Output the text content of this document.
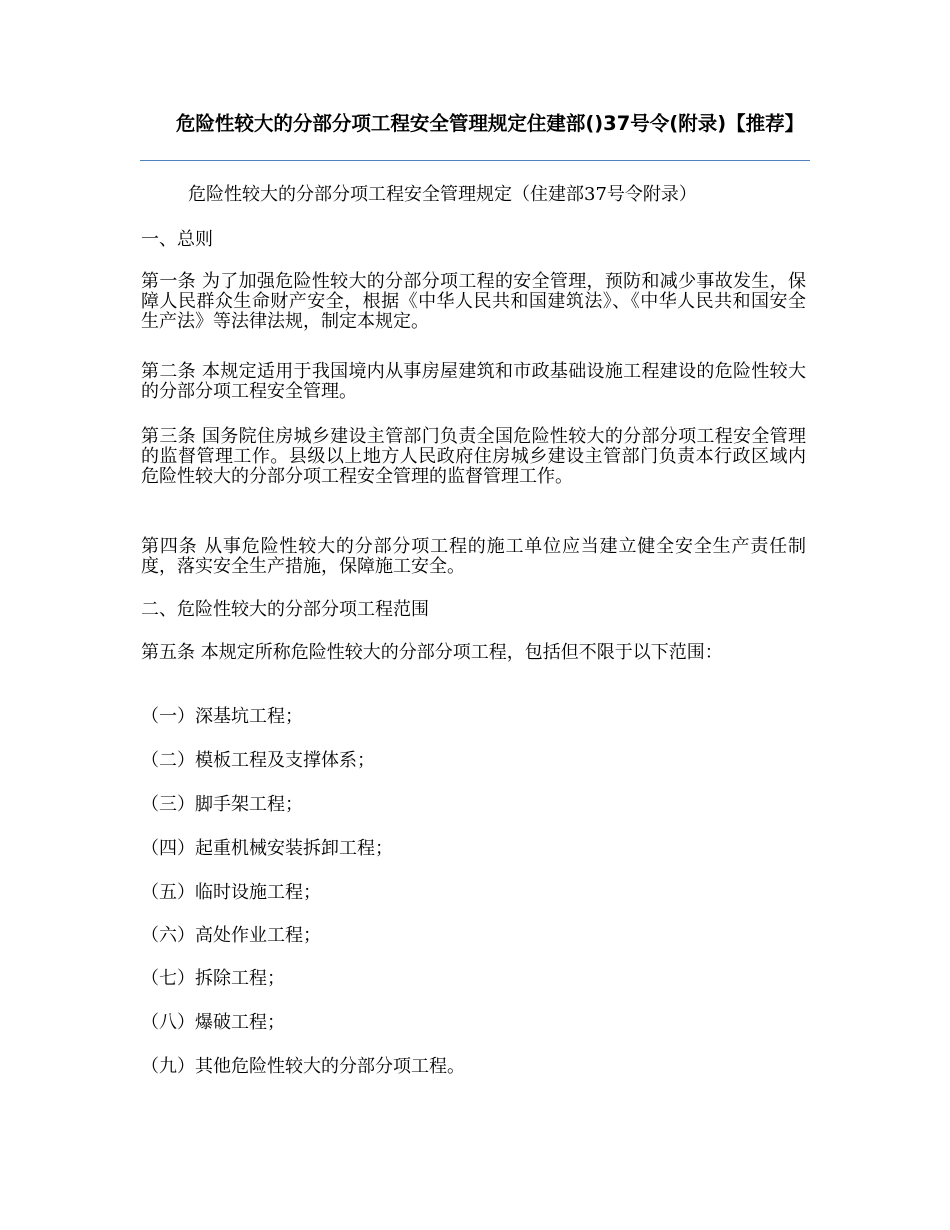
危险性较大的分部分项工程安全管理规定住建部()37号令(附录)【推荐】

危险性较大的分部分项工程安全管理规定（住建部37号令附录）

一、总则

第一条 为了加强危险性较大的分部分项工程的安全管理，预防和减少事故发生，保障人民群众生命财产安全，根据《中华人民共和国建筑法》、《中华人民共和国安全生产法》等法律法规，制定本规定。

第二条 本规定适用于我国境内从事房屋建筑和市政基础设施工程建设的危险性较大的分部分项工程安全管理。

第三条 国务院住房城乡建设主管部门负责全国危险性较大的分部分项工程安全管理的监督管理工作。县级以上地方人民政府住房城乡建设主管部门负责本行政区域内危险性较大的分部分项工程安全管理的监督管理工作。

第四条 从事危险性较大的分部分项工程的施工单位应当建立健全安全生产责任制度，落实安全生产措施，保障施工安全。

二、危险性较大的分部分项工程范围

第五条 本规定所称危险性较大的分部分项工程，包括但不限于以下范围：

（一）深基坑工程；

（二）模板工程及支撑体系；

（三）脚手架工程；

（四）起重机械安装拆卸工程；

（五）临时设施工程；

（六）高处作业工程；

（七）拆除工程；

（八）爆破工程；

（九）其他危险性较大的分部分项工程。
